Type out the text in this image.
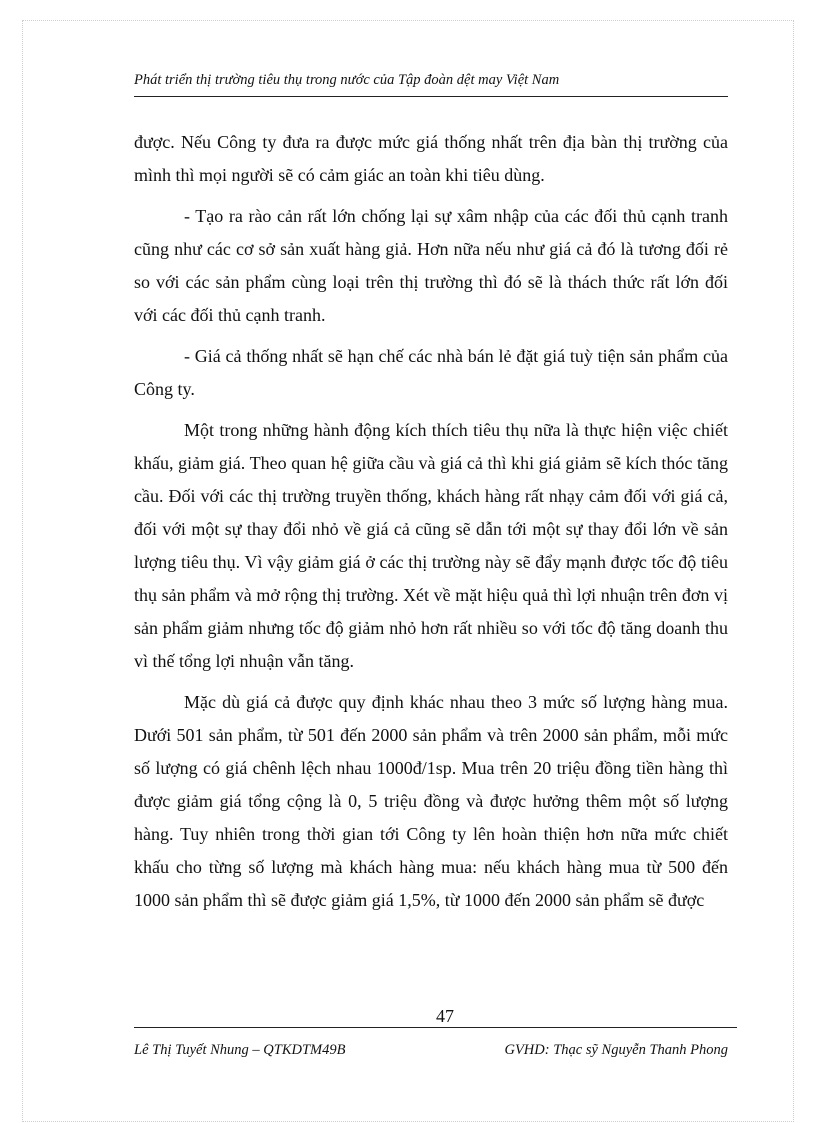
Phát triển thị trường tiêu thụ trong nước của Tập đoàn dệt may Việt Nam

được. Nếu Công ty đưa ra được mức giá thống nhất trên địa bàn thị trường của mình thì mọi người sẽ có cảm giác an toàn khi tiêu dùng.

- Tạo ra rào cản rất lớn chống lại sự xâm nhập của các đối thủ cạnh tranh cũng như các cơ sở sản xuất hàng giả. Hơn nữa nếu như giá cả đó là tương đối rẻ so với các sản phẩm cùng loại trên thị trường thì đó sẽ là thách thức rất lớn đối với các đối thủ cạnh tranh.

- Giá cả thống nhất sẽ hạn chế các nhà bán lẻ đặt giá tuỳ tiện sản phẩm của Công ty.

Một trong những hành động kích thích tiêu thụ nữa là thực hiện việc chiết khấu, giảm giá. Theo quan hệ giữa cầu và giá cả thì khi giá giảm sẽ kích thóc tăng cầu. Đối với các thị trường truyền thống, khách hàng rất nhạy cảm đối với giá cả, đối với một sự thay đổi nhỏ về giá cả cũng sẽ dẫn tới một sự thay đổi lớn về sản lượng tiêu thụ. Vì vậy giảm giá ở các thị trường này sẽ đẩy mạnh được tốc độ tiêu thụ sản phẩm và mở rộng thị trường. Xét về mặt hiệu quả thì lợi nhuận trên đơn vị sản phẩm giảm nhưng tốc độ giảm nhỏ hơn rất nhiều so với tốc độ tăng doanh thu vì thế tổng lợi nhuận vẫn tăng.

Mặc dù giá cả được quy định khác nhau theo 3 mức số lượng hàng mua. Dưới 501 sản phẩm, từ 501 đến 2000 sản phẩm và trên 2000 sản phẩm, mỗi mức số lượng có giá chênh lệch nhau 1000đ/1sp. Mua trên 20 triệu đồng tiền hàng thì được giảm giá tổng cộng là 0, 5 triệu đồng và được hưởng thêm một số lượng hàng. Tuy nhiên trong thời gian tới Công ty lên hoàn thiện hơn nữa mức chiết khấu cho từng số lượng mà khách hàng mua: nếu khách hàng mua từ 500 đến 1000 sản phẩm thì sẽ được giảm giá 1,5%, từ 1000 đến 2000 sản phẩm sẽ được

47
Lê Thị Tuyết Nhung – QTKDTM49B	GVHD: Thạc sỹ Nguyễn Thanh Phong
